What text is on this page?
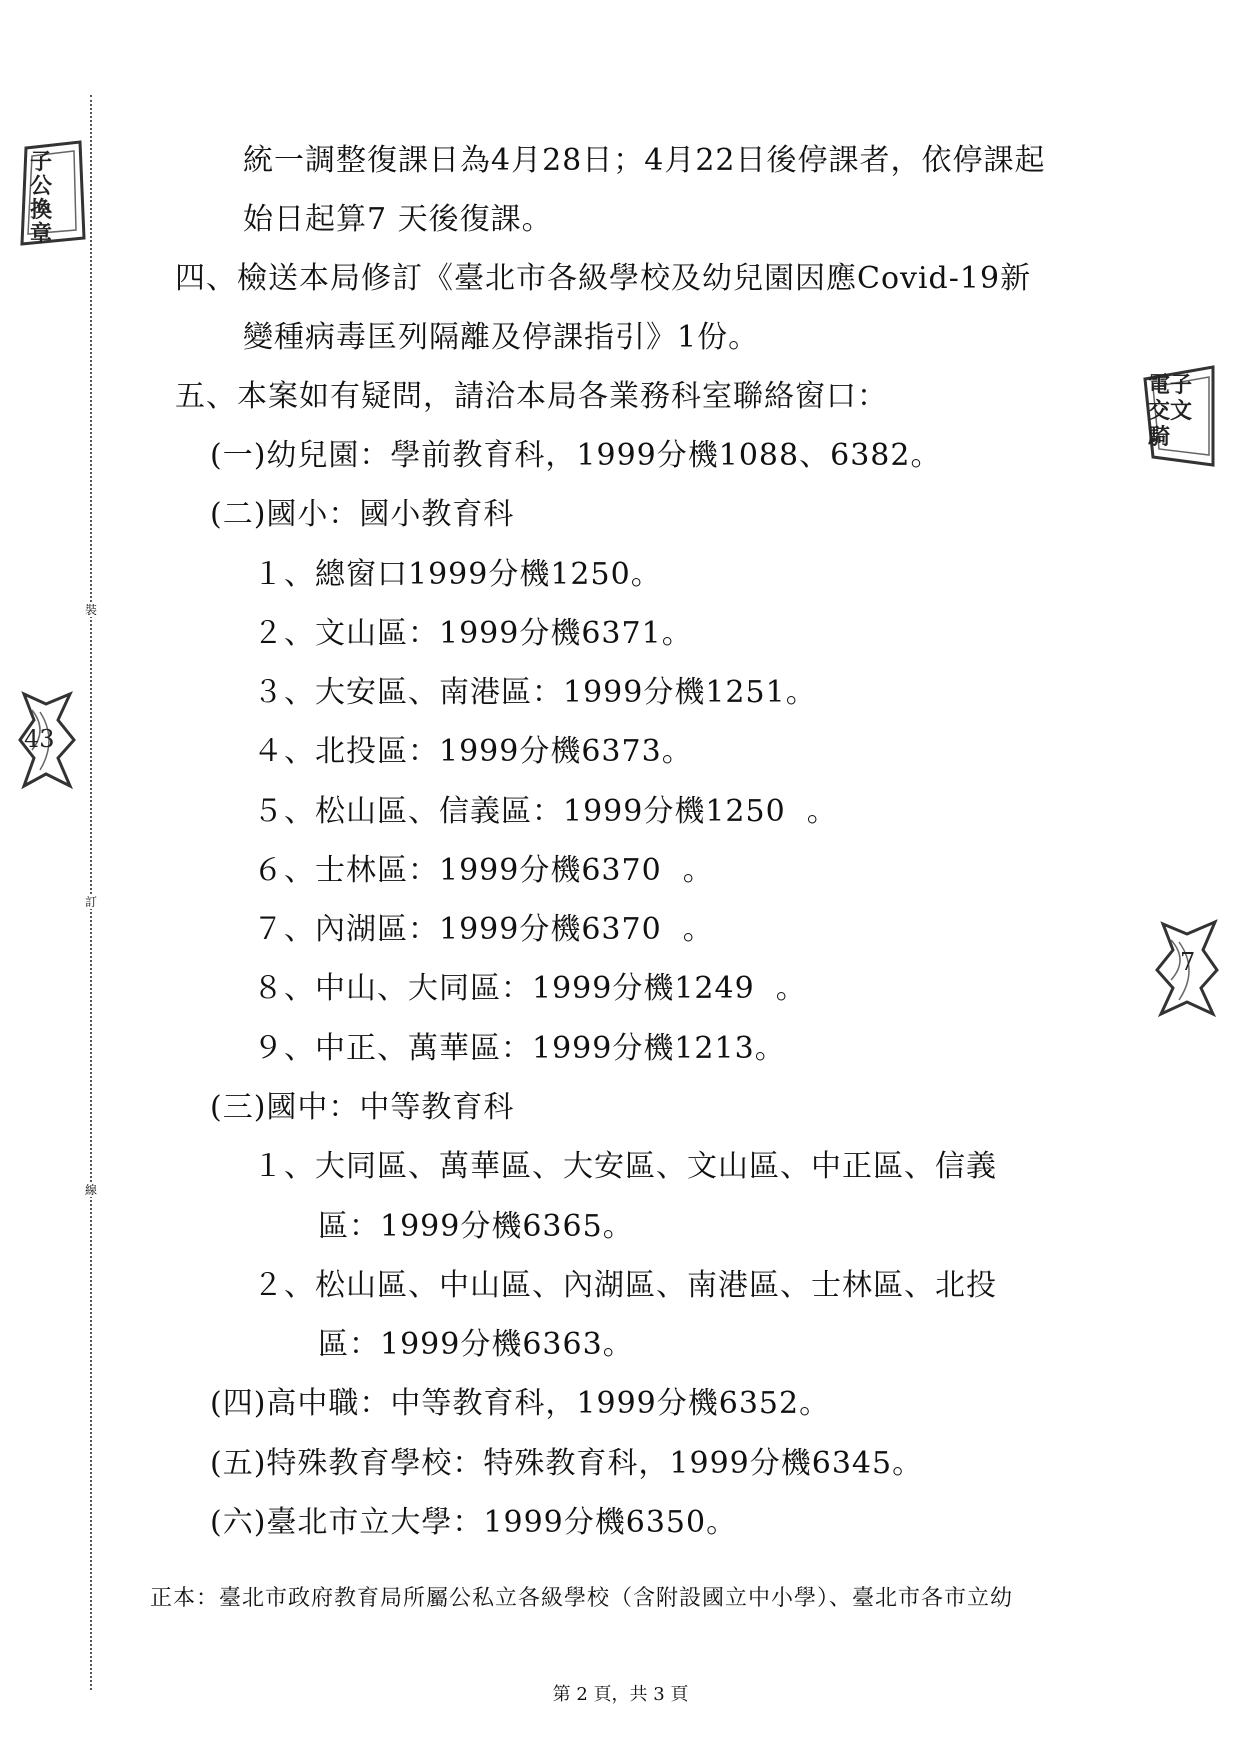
裝
訂
線
子公換章
電子交文騎
43
7
統一調整復課日為4月28日；4月22日後停課者，依停課起
始日起算7 天後復課。
四、檢送本局修訂《臺北市各級學校及幼兒園因應Covid-19新
變種病毒匡列隔離及停課指引》1份。
五、本案如有疑問，請洽本局各業務科室聯絡窗口：
(一)幼兒園：學前教育科，1999分機1088、6382。
(二)國小：國小教育科
１、總窗口1999分機1250。
２、文山區：1999分機6371。
３、大安區、南港區：1999分機1251。
４、北投區：1999分機6373。
５、松山區、信義區：1999分機1250  。
６、士林區：1999分機6370  。
７、內湖區：1999分機6370  。
８、中山、大同區：1999分機1249  。
９、中正、萬華區：1999分機1213。
(三)國中：中等教育科
１、大同區、萬華區、大安區、文山區、中正區、信義
區：1999分機6365。
２、松山區、中山區、內湖區、南港區、士林區、北投
區：1999分機6363。
(四)高中職：中等教育科，1999分機6352。
(五)特殊教育學校：特殊教育科，1999分機6345。
(六)臺北市立大學：1999分機6350。
正本：臺北市政府教育局所屬公私立各級學校（含附設國立中小學）、臺北市各市立幼
第 2 頁，共 3 頁
